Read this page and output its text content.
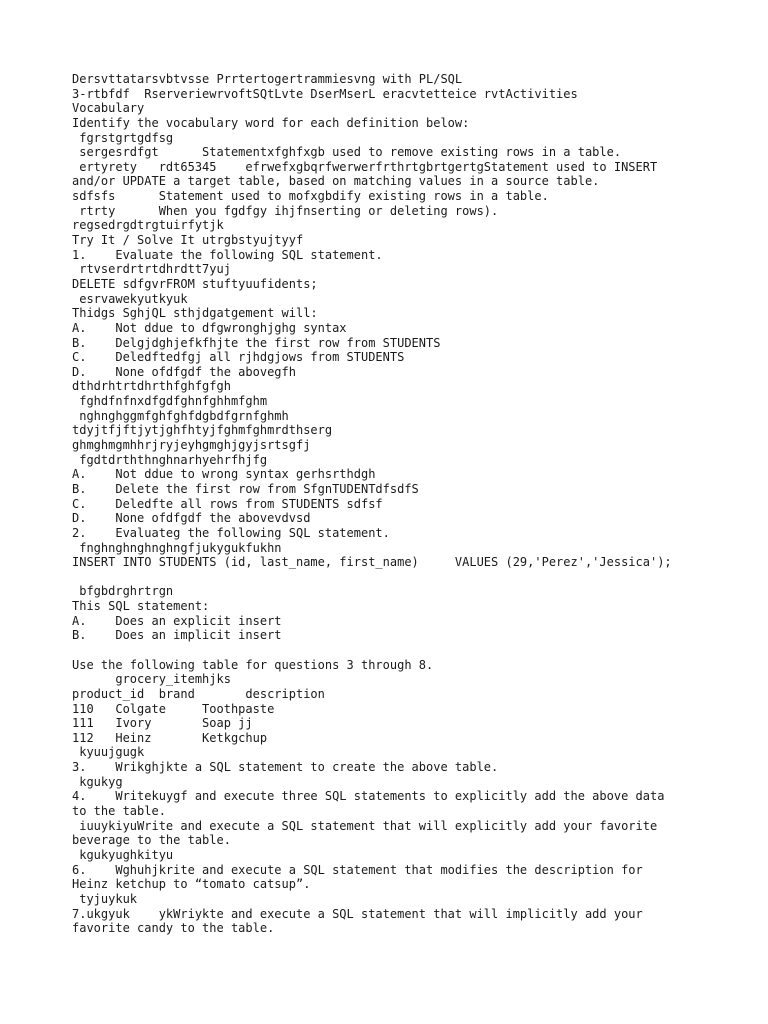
Dersvttatarsvbtvsse Prrtertogertrammiesvng with PL/SQL
3-rtbfdf  RserveriewrvoftSQtLvte DserMserL eracvtetteice rvtActivities
Vocabulary
Identify the vocabulary word for each definition below:
fgrstgrtgdfsg
sergesrdfgt      Statementxfghfxgb used to remove existing rows in a table.
ertyrety   rdt65345    efrwefxgbqrfwerwerfrthrtgbrtgertgStatement used to INSERT
and/or UPDATE a target table, based on matching values in a source table.
sdfsfs      Statement used to mofxgbdify existing rows in a table.
rtrty      When you fgdfgy ihjfnserting or deleting rows).
regsedrgdtrgtuirfytjk
Try It / Solve It utrgbstyujtyyf
1.    Evaluate the following SQL statement.
rtvserdrtrtdhrdtt7yuj
DELETE sdfgvrFROM stuftyuufidents;
esrvawekyutkyuk
Thidgs SghjQL sthjdgatgement will:
A.    Not ddue to dfgwronghjghg syntax
B.    Delgjdghjefkfhjte the first row from STUDENTS
C.    Deledftedfgj all rjhdgjows from STUDENTS
D.    None ofdfgdf the abovegfh
dthdrhtrtdhrthfghfgfgh
fghdfnfnxdfgdfghnfghhmfghm
nghnghggmfghfghfdgbdfgrnfghmh
tdyjtfjftjytjghfhtyjfghmfghmrdthserg
ghmghmgmhhrjryjeyhgmghjgyjsrtsgfj
fgdtdrththnghnarhyehrfhjfg
A.    Not ddue to wrong syntax gerhsrthdgh
B.    Delete the first row from SfgnTUDENTdfsdfS
C.    Deledfte all rows from STUDENTS sdfsf
D.    None ofdfgdf the abovevdvsd
2.    Evaluateg the following SQL statement.
fnghnghnghnghngfjukygukfukhn
INSERT INTO STUDENTS (id, last_name, first_name)     VALUES (29,'Perez','Jessica');
bfgbdrghrtrgn
This SQL statement:
A.    Does an explicit insert
B.    Does an implicit insert
Use the following table for questions 3 through 8.
grocery_itemhjks
product_id  brand       description
110   Colgate     Toothpaste
111   Ivory       Soap jj
112   Heinz       Ketkgchup
kyuujgugk
3.    Wrikghjkte a SQL statement to create the above table.
kgukyg
4.    Writekuygf and execute three SQL statements to explicitly add the above data
to the table.
iuuykiyuWrite and execute a SQL statement that will explicitly add your favorite
beverage to the table.
kgukyughkityu
6.    Wghuhjkrite and execute a SQL statement that modifies the description for
Heinz ketchup to “tomato catsup”.
tyjuykuk
7.ukgyuk    ykWriykte and execute a SQL statement that will implicitly add your
favorite candy to the table.
